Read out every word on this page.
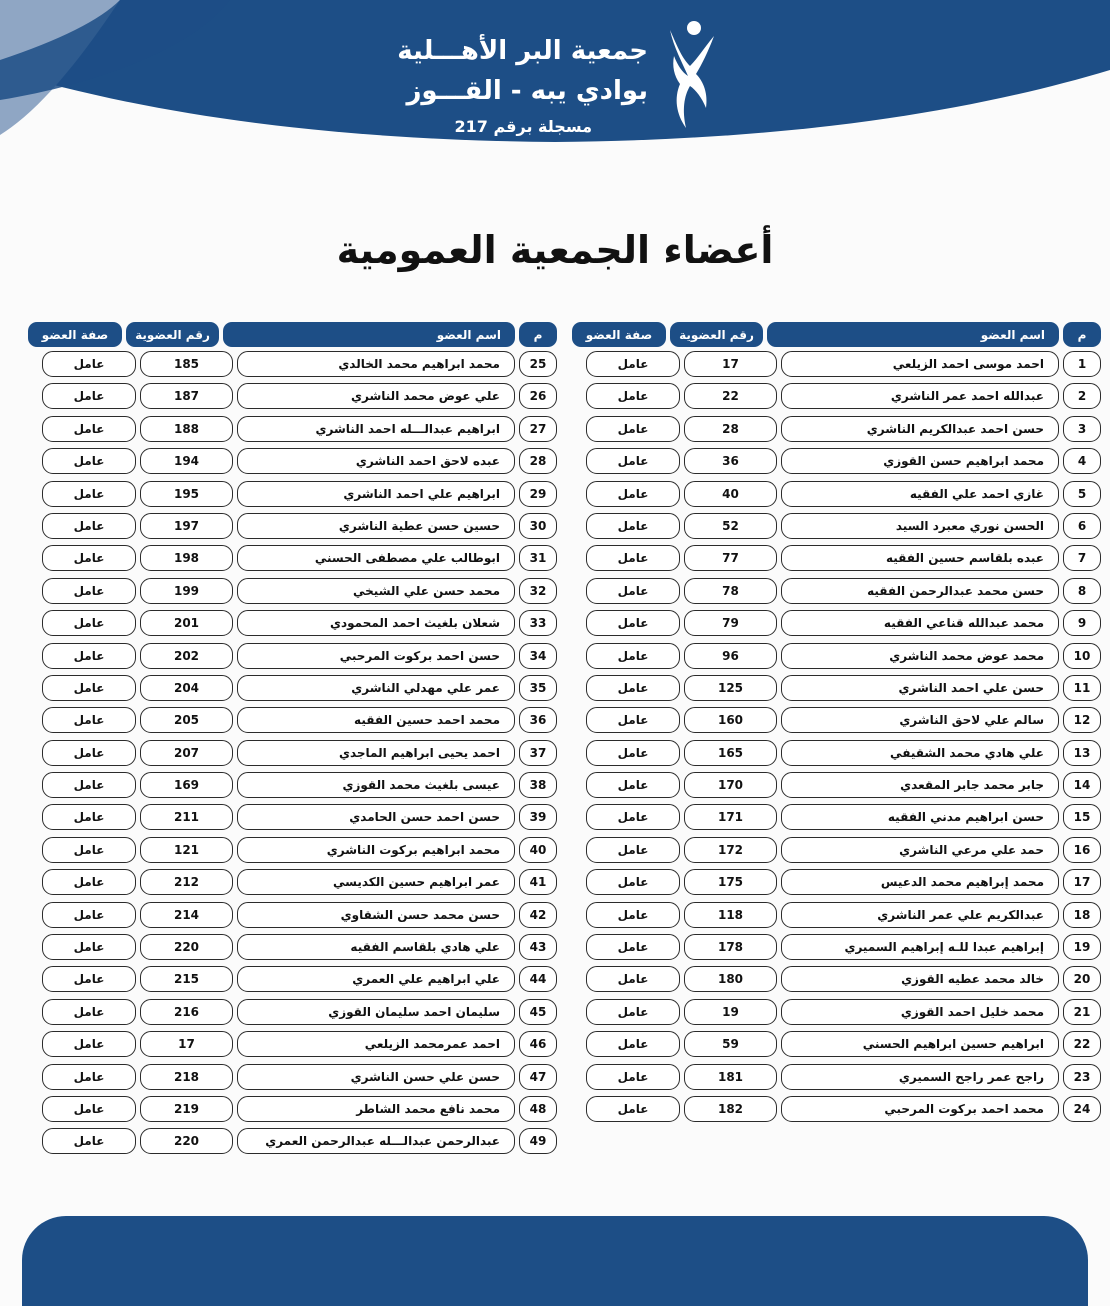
جمعية البر الأهـــلية
بوادي يبه - القـــوز
مسجلة برقم 217
أعضاء الجمعية العمومية
م
اسم العضو
رقم العضوية
صفة العضو
1
احمد موسى احمد الزيلعي
17
عامل
2
عبدالله احمد عمر الناشري
22
عامل
3
حسن احمد عبدالكريم الناشري
28
عامل
4
محمد ابراهيم حسن القوزي
36
عامل
5
غازي احمد علي الفقيه
40
عامل
6
الحسن نوري معبرد السيد
52
عامل
7
عبده بلقاسم حسين الفقيه
77
عامل
8
حسن محمد عبدالرحمن الفقيه
78
عامل
9
محمد عبدالله قناعي الفقيه
79
عامل
10
محمد عوض محمد الناشري
96
عامل
11
حسن علي احمد الناشري
125
عامل
12
سالم علي لاحق الناشري
160
عامل
13
علي هادي محمد الشقيفي
165
عامل
14
جابر محمد جابر المقعدي
170
عامل
15
حسن ابراهيم مدني الفقيه
171
عامل
16
حمد علي مرعي الناشري
172
عامل
17
محمد إبراهيم محمد الدعيس
175
عامل
18
عبدالكريم علي عمر الناشري
118
عامل
19
إبراهيم عبدا للـه إبراهيم السميري
178
عامل
20
خالد محمد عطيه القوزي
180
عامل
21
محمد خليل احمد القوزي
19
عامل
22
ابراهيم حسين ابراهيم الحسني
59
عامل
23
راجح عمر راجح السميري
181
عامل
24
محمد احمد بركوت المرحبي
182
عامل
م
اسم العضو
رقم العضوية
صفة العضو
25
محمد ابراهيم محمد الخالدي
185
عامل
26
علي عوض محمد الناشري
187
عامل
27
ابراهيم عبدالـــله احمد الناشري
188
عامل
28
عبده لاحق احمد الناشري
194
عامل
29
ابراهيم علي احمد الناشري
195
عامل
30
حسين حسن عطية الناشري
197
عامل
31
ابوطالب علي مصطفى الحسني
198
عامل
32
محمد حسن علي الشيخي
199
عامل
33
شعلان بلغيث احمد المحمودي
201
عامل
34
حسن احمد بركوت المرحبي
202
عامل
35
عمر علي مهدلي الناشري
204
عامل
36
محمد احمد حسين الفقيه
205
عامل
37
احمد يحيى ابراهيم الماجدي
207
عامل
38
عيسى بلغيث محمد القوزي
169
عامل
39
حسن احمد حسن الحامدي
211
عامل
40
محمد ابراهيم بركوت الناشري
121
عامل
41
عمر ابراهيم حسين الكديسي
212
عامل
42
حسن محمد حسن الشقاوي
214
عامل
43
علي هادي بلقاسم الفقيه
220
عامل
44
علي ابراهيم علي العمري
215
عامل
45
سليمان احمد سليمان القوزي
216
عامل
46
احمد عمرمحمد الزيلعي
17
عامل
47
حسن علي حسن الناشري
218
عامل
48
محمد نافع محمد الشاطر
219
عامل
49
عبدالرحمن عبدالـــله عبدالرحمن العمري
220
عامل
